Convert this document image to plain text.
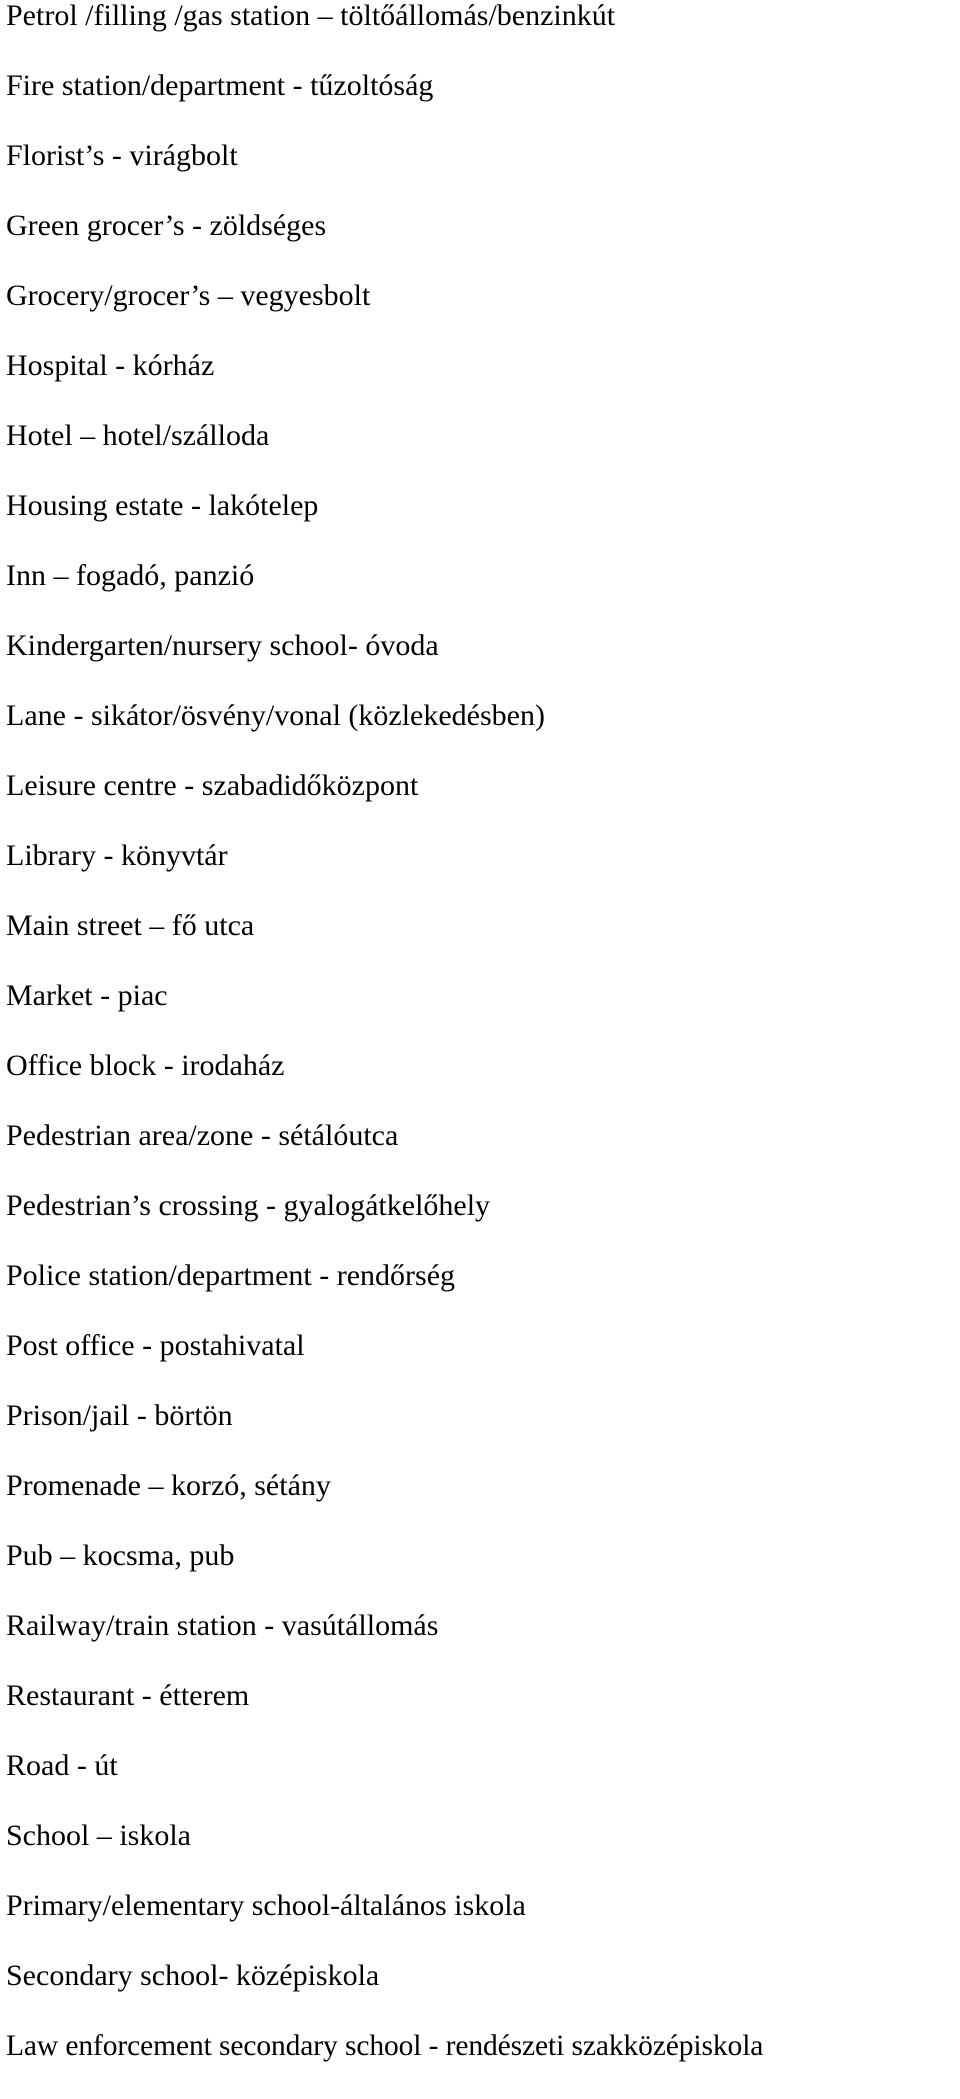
Petrol /filling /gas station – töltőállomás/benzinkút
Fire station/department - tűzoltóság
Florist’s - virágbolt
Green grocer’s - zöldséges
Grocery/grocer’s – vegyesbolt
Hospital - kórház
Hotel – hotel/szálloda
Housing estate - lakótelep
Inn – fogadó, panzió
Kindergarten/nursery school- óvoda
Lane - sikátor/ösvény/vonal (közlekedésben)
Leisure centre - szabadidőközpont
Library - könyvtár
Main street – fő utca
Market - piac
Office block - irodaház
Pedestrian area/zone - sétálóutca
Pedestrian’s crossing - gyalogátkelőhely
Police station/department - rendőrség
Post office - postahivatal
Prison/jail - börtön
Promenade – korzó, sétány
Pub – kocsma, pub
Railway/train station - vasútállomás
Restaurant - étterem
Road - út
School – iskola
Primary/elementary school-általános iskola
Secondary school- középiskola
Law enforcement secondary school - rendészeti szakközépiskola
